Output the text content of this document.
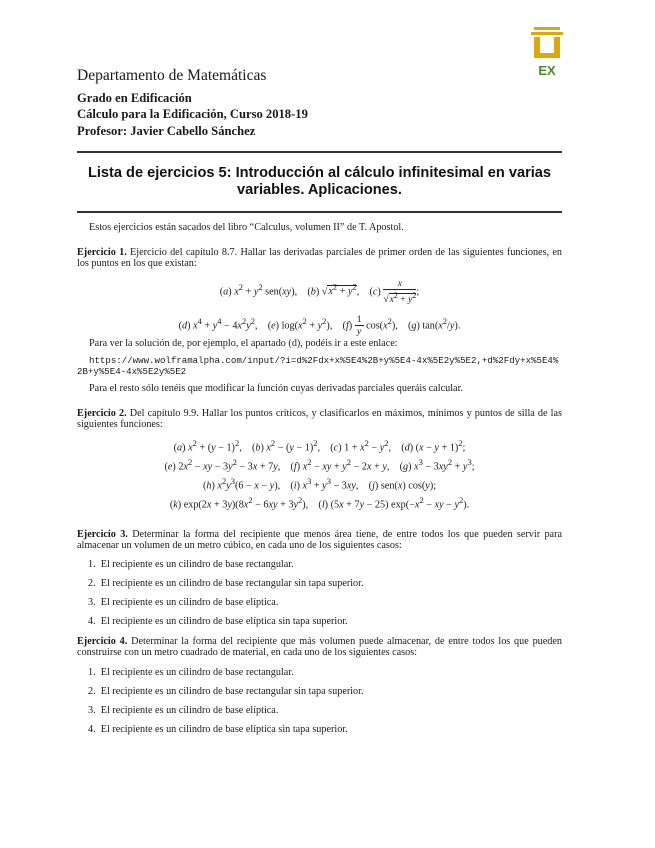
EX
Departamento de Matemáticas
Grado en Edificación
Cálculo para la Edificación, Curso 2018-19
Profesor: Javier Cabello Sánchez
Lista de ejercicios 5: Introducción al cálculo infinitesimal en varias variables. Aplicaciones.
Estos ejercicios están sacados del libro “Calculus, volumen II” de T. Apostol.
Ejercicio 1. Ejercicio del capítulo 8.7. Hallar las derivadas parciales de primer orden de las siguientes funciones, en los puntos en los que existan:
(a) $x^2 + y^2$ sen(xy),    (b) $√x^2 + y^2$,    $(c) \frac{x}{√x^2 + y^2}$ ;
(d) $x^4 + y^4 - 4x^2y^2$,    (e) $\log(x^2 + y^2)$,    $(f) \frac{1}{y} \cos(x^2)$,    (g) $\tan(x^2/y)$.
Para ver la solución de, por ejemplo, el apartado (d), podéis ir a este enlace:
https://www.wolframalpha.com/input/?i=d%2Fdx+x%5E4%2B+y%5E4-4x%5E2y%5E2,+d%2Fdy+x%5E4%
2B+y%5E4-4x%5E2y%5E2
Para el resto sólo tenéis que modificar la función cuyas derivadas parciales queráis calcular.
Ejercicio 2. Del capítulo 9.9. Hallar los puntos críticos, y clasificarlos en máximos, mínimos y puntos de silla de las siguientes funciones:
(a) $x^2 + (y - 1)^2$,    (b) $x^2 - (y - 1)^2$,    (c) $1 + x^2 - y^2$,    (d) $(x - y + 1)^2$;
(e) $2x^2$ − xy − $3y^2 - 3x + 7y$,    (f) $x^2$ − xy + $y^2 - 2x + y$,    (g) $x^3 - 3xy^2 + y^3$;
(h) $x^2y^3(6 - x - y)$,    (i) $x^3 + y^3 - 3xy$,    (j) sen(x) cos(y);
(k) $\exp(2x + 3y)(8x^2 - 6xy + 3y^2)$,    (l) (5x + 7y − 25) $\exp(-x^2$ − xy − $y^2$).
Ejercicio 3. Determinar la forma del recipiente que menos área tiene, de entre todos los que pueden servir para almacenar un volumen de un metro cúbico, en cada uno de los siguientes casos:
1.  El recipiente es un cilindro de base rectangular.
2.  El recipiente es un cilindro de base rectangular sin tapa superior.
3.  El recipiente es un cilindro de base elíptica.
4.  El recipiente es un cilindro de base elíptica sin tapa superior.
Ejercicio 4. Determinar la forma del recipiente que más volumen puede almacenar, de entre todos los que pueden construirse con un metro cuadrado de material, en cada uno de los siguientes casos:
1.  El recipiente es un cilindro de base rectangular.
2.  El recipiente es un cilindro de base rectangular sin tapa superior.
3.  El recipiente es un cilindro de base elíptica.
4.  El recipiente es un cilindro de base elíptica sin tapa superior.
